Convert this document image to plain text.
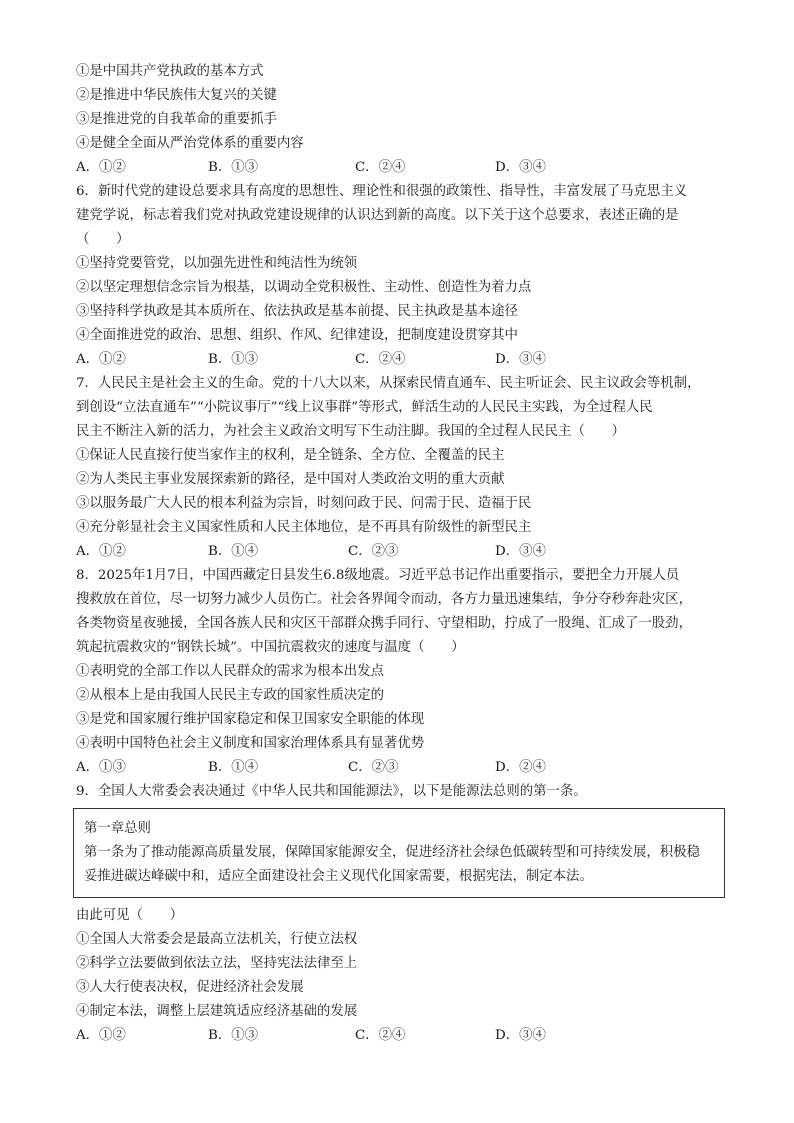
①是中国共产党执政的基本方式
②是推进中华民族伟大复兴的关键
③是推进党的自我革命的重要抓手
④是健全全面从严治党体系的重要内容
A．①②	B．①③	C．②④	D．③④
6．新时代党的建设总要求具有高度的思想性、理论性和很强的政策性、指导性，丰富发展了马克思主义
建党学说，标志着我们党对执政党建设规律的认识达到新的高度。以下关于这个总要求，表述正确的是
（　　）
①坚持党要管党，以加强先进性和纯洁性为统领
②以坚定理想信念宗旨为根基，以调动全党积极性、主动性、创造性为着力点
③坚持科学执政是其本质所在、依法执政是基本前提、民主执政是基本途径
④全面推进党的政治、思想、组织、作风、纪律建设，把制度建设贯穿其中
A．①②	B．①③	C．②④	D．③④
7．人民民主是社会主义的生命。党的十八大以来，从探索民情直通车、民主听证会、民主议政会等机制，
到创设“立法直通车”“小院议事厅”“线上议事群”等形式，鲜活生动的人民民主实践，为全过程人民
民主不断注入新的活力，为社会主义政治文明写下生动注脚。我国的全过程人民民主（　　）
①保证人民直接行使当家作主的权利，是全链条、全方位、全覆盖的民主
②为人类民主事业发展探索新的路径，是中国对人类政治文明的重大贡献
③以服务最广大人民的根本利益为宗旨，时刻问政于民、问需于民、造福于民
④充分彰显社会主义国家性质和人民主体地位，是不再具有阶级性的新型民主
A．①②	B．①④	C．②③	D．③④
8．2025年1月7日，中国西藏定日县发生6.8级地震。习近平总书记作出重要指示，要把全力开展人员
搜救放在首位，尽一切努力减少人员伤亡。社会各界闻令而动，各方力量迅速集结，争分夺秒奔赴灾区，
各类物资星夜驰援，全国各族人民和灾区干部群众携手同行、守望相助，拧成了一股绳、汇成了一股劲，
筑起抗震救灾的“钢铁长城”。中国抗震救灾的速度与温度（　　）
①表明党的全部工作以人民群众的需求为根本出发点
②从根本上是由我国人民民主专政的国家性质决定的
③是党和国家履行维护国家稳定和保卫国家安全职能的体现
④表明中国特色社会主义制度和国家治理体系具有显著优势
A．①③	B．①④	C．②③	D．②④
9．全国人大常委会表决通过《中华人民共和国能源法》，以下是能源法总则的第一条。
第一章总则
第一条为了推动能源高质量发展，保障国家能源安全，促进经济社会绿色低碳转型和可持续发展，积极稳
妥推进碳达峰碳中和，适应全面建设社会主义现代化国家需要，根据宪法，制定本法。
由此可见（　　）
①全国人大常委会是最高立法机关，行使立法权
②科学立法要做到依法立法，坚持宪法法律至上
③人大行使表决权，促进经济社会发展
④制定本法，调整上层建筑适应经济基础的发展
A．①②	B．①③	C．②④	D．③④
